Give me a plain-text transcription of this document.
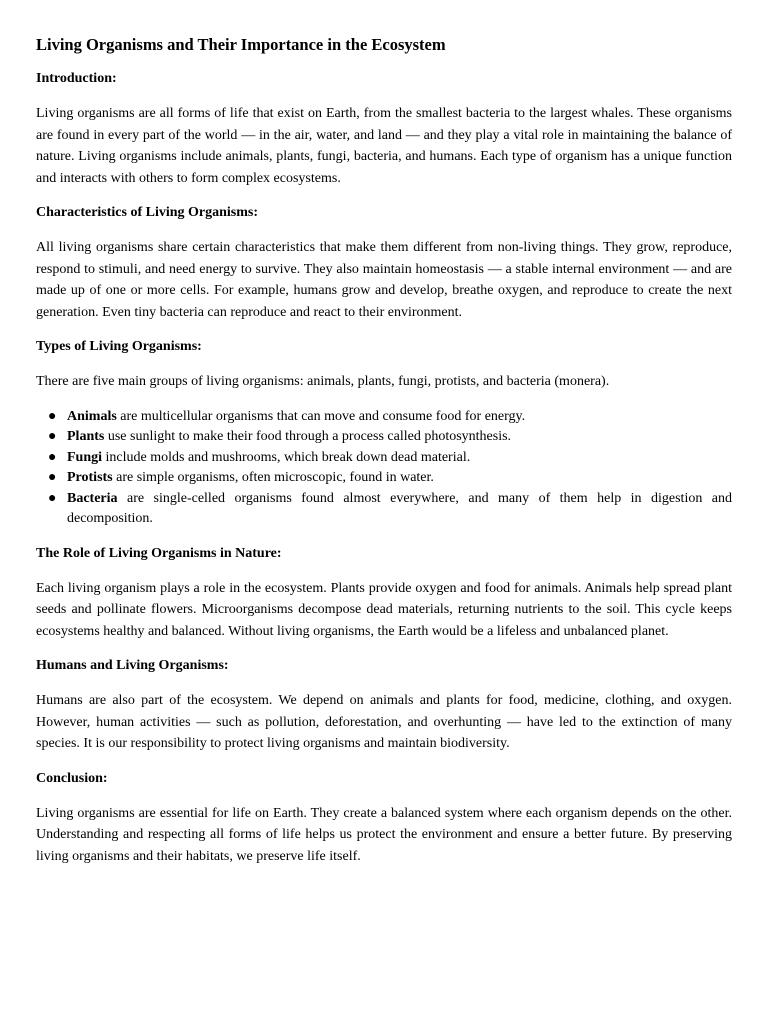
Living Organisms and Their Importance in the Ecosystem
Introduction:
Living organisms are all forms of life that exist on Earth, from the smallest bacteria to the largest whales. These organisms are found in every part of the world — in the air, water, and land — and they play a vital role in maintaining the balance of nature. Living organisms include animals, plants, fungi, bacteria, and humans. Each type of organism has a unique function and interacts with others to form complex ecosystems.
Characteristics of Living Organisms:
All living organisms share certain characteristics that make them different from non-living things. They grow, reproduce, respond to stimuli, and need energy to survive. They also maintain homeostasis — a stable internal environment — and are made up of one or more cells. For example, humans grow and develop, breathe oxygen, and reproduce to create the next generation. Even tiny bacteria can reproduce and react to their environment.
Types of Living Organisms:
There are five main groups of living organisms: animals, plants, fungi, protists, and bacteria (monera).
● Animals are multicellular organisms that can move and consume food for energy.
● Plants use sunlight to make their food through a process called photosynthesis.
● Fungi include molds and mushrooms, which break down dead material.
● Protists are simple organisms, often microscopic, found in water.
● Bacteria are single-celled organisms found almost everywhere, and many of them help in digestion and decomposition.
The Role of Living Organisms in Nature:
Each living organism plays a role in the ecosystem. Plants provide oxygen and food for animals. Animals help spread plant seeds and pollinate flowers. Microorganisms decompose dead materials, returning nutrients to the soil. This cycle keeps ecosystems healthy and balanced. Without living organisms, the Earth would be a lifeless and unbalanced planet.
Humans and Living Organisms:
Humans are also part of the ecosystem. We depend on animals and plants for food, medicine, clothing, and oxygen. However, human activities — such as pollution, deforestation, and overhunting — have led to the extinction of many species. It is our responsibility to protect living organisms and maintain biodiversity.
Conclusion:
Living organisms are essential for life on Earth. They create a balanced system where each organism depends on the other. Understanding and respecting all forms of life helps us protect the environment and ensure a better future. By preserving living organisms and their habitats, we preserve life itself.
